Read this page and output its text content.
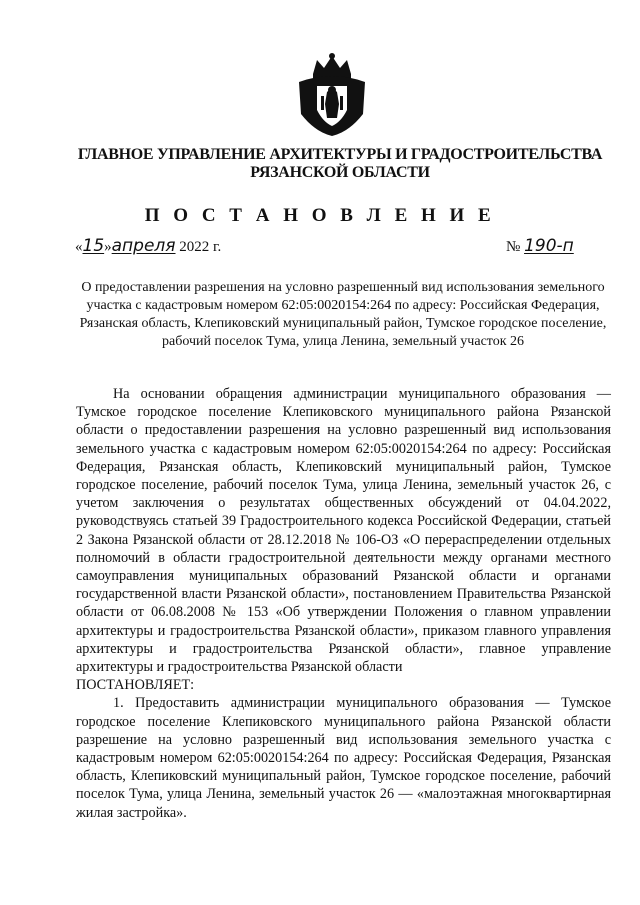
ГЛАВНОЕ УПРАВЛЕНИЕ АРХИТЕКТУРЫ И ГРАДОСТРОИТЕЛЬСТВА
РЯЗАНСКОЙ ОБЛАСТИ
П О С Т А Н О В Л Е Н И Е
«15»апреля 2022 г.	№ 190-п
О предоставлении разрешения на условно разрешенный вид использования земельного участка с кадастровым номером 62:05:0020154:264 по адресу: Российская Федерация, Рязанская область, Клепиковский муниципальный район, Тумское городское поселение, рабочий поселок Тума, улица Ленина, земельный участок 26

На основании обращения администрации муниципального образования — Тумское городское поселение Клепиковского муниципального района Рязанской области о предоставлении разрешения на условно разрешенный вид использования земельного участка с кадастровым номером 62:05:0020154:264 по адресу: Российская Федерация, Рязанская область, Клепиковский муниципальный район, Тумское городское поселение, рабочий поселок Тума, улица Ленина, земельный участок 26, с учетом заключения о результатах общественных обсуждений от 04.04.2022, руководствуясь статьей 39 Градостроительного кодекса Российской Федерации, статьей 2 Закона Рязанской области от 28.12.2018 № 106-ОЗ «О перераспределении отдельных полномочий в области градостроительной деятельности между органами местного самоуправления муниципальных образований Рязанской области и органами государственной власти Рязанской области», постановлением Правительства Рязанской области от 06.08.2008 № 153 «Об утверждении Положения о главном управлении архитектуры и градостроительства Рязанской области», приказом главного управления архитектуры и градостроительства Рязанской области», главное управление архитектуры и градостроительства Рязанской области

ПОСТАНОВЛЯЕТ:

1. Предоставить администрации муниципального образования — Тумское городское поселение Клепиковского муниципального района Рязанской области разрешение на условно разрешенный вид использования земельного участка с кадастровым номером 62:05:0020154:264 по адресу: Российская Федерация, Рязанская область, Клепиковский муниципальный район, Тумское городское поселение, рабочий поселок Тума, улица Ленина, земельный участок 26 — «малоэтажная многоквартирная жилая застройка».
